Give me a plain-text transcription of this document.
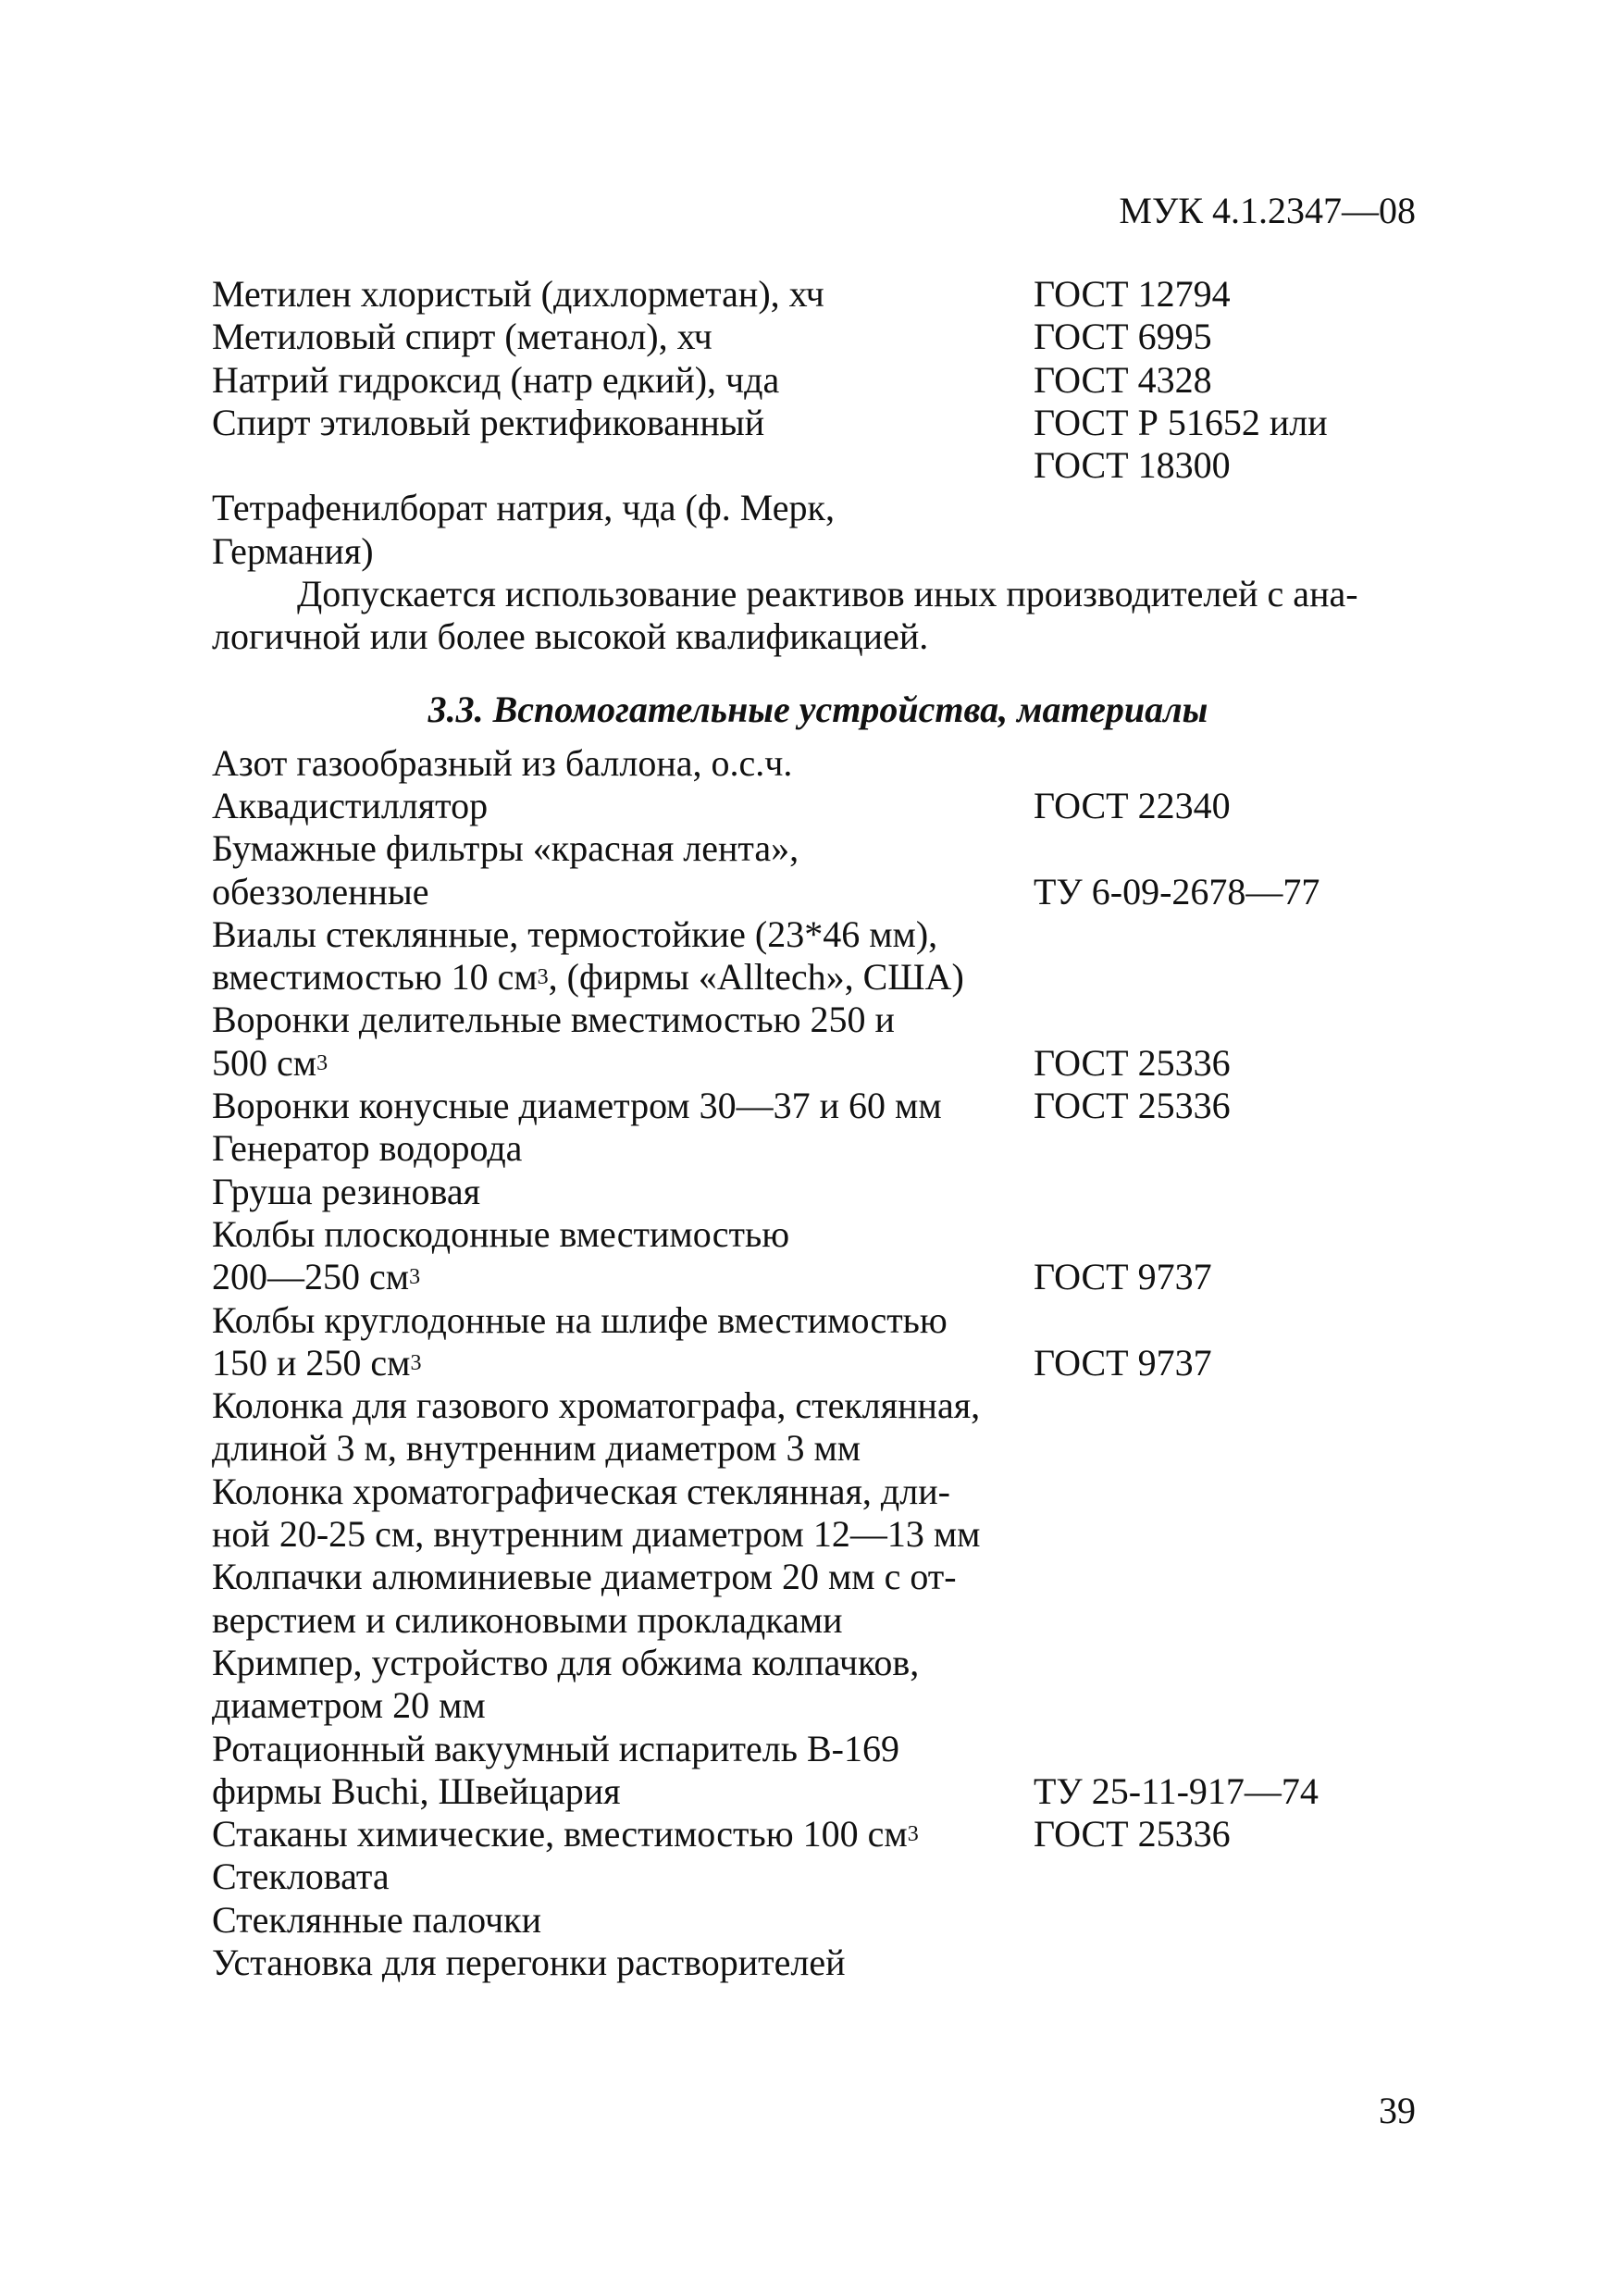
МУК 4.1.2347—08
Метилен хлористый (дихлорметан), хч	ГОСТ 12794
Метиловый спирт (метанол), хч	ГОСТ 6995
Натрий гидроксид (натр едкий), чда	ГОСТ 4328
Спирт этиловый ректификованный	ГОСТ Р 51652 или
ГОСТ 18300
Тетрафенилборат натрия, чда (ф. Мерк,
Германия)
Допускается использование реактивов иных производителей с ана-
логичной или более высокой квалификацией.
3.3. Вспомогательные устройства, материалы
Азот газообразный из баллона, о.с.ч.
Аквадистиллятор	ГОСТ 22340
Бумажные фильтры «красная лента»,
обеззоленные	ТУ 6-09-2678—77
Виалы стеклянные, термостойкие (23*46 мм),
вместимостью 10 $см^3$, (фирмы «Alltech», США)
Воронки делительные вместимостью 250 и
500 $см^3$	ГОСТ 25336
Воронки конусные диаметром 30—37 и 60 мм ГОСТ 25336
Генератор водорода
Груша резиновая
Колбы плоскодонные вместимостью
200—250 $см^3$	ГОСТ 9737
Колбы круглодонные на шлифе вместимостью
150 и 250 $см^3$	ГОСТ 9737
Колонка для газового хроматографа, стеклянная,
длиной 3 м, внутренним диаметром 3 мм
Колонка хроматографическая стеклянная, дли-
ной 20-25 см, внутренним диаметром 12—13 мм
Колпачки алюминиевые диаметром 20 мм с от-
верстием и силиконовыми прокладками
Кримпер, устройство для обжима колпачков,
диаметром 20 мм
Ротационный вакуумный испаритель В-169
фирмы Buchi, Швейцария	ТУ 25-11-917—74
Стаканы химические, вместимостью 100 $см^3$	ГОСТ 25336
Стекловата
Стеклянные палочки
Установка для перегонки растворителей
39
